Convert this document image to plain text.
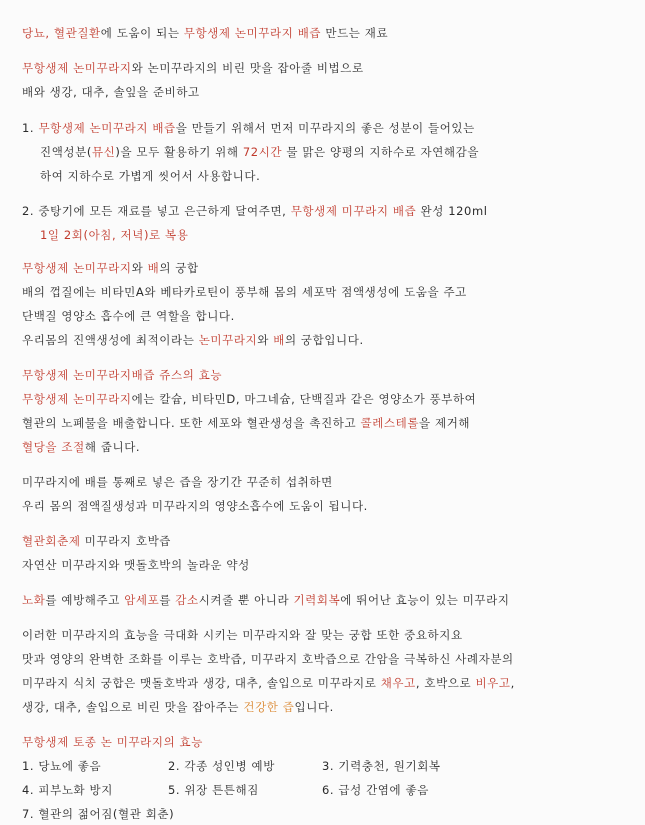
당뇨, 혈관질환에 도움이 되는 무항생제 논미꾸라지 배즙 만드는 재료
무항생제 논미꾸라지와 논미꾸라지의 비린 맛을 잡아줄 비법으로
배와 생강, 대추, 솔잎을 준비하고
1. 무항생제 논미꾸라지 배즙을 만들기 위해서 먼저 미꾸라지의 좋은 성분이 들어있는
진액성분(뮤신)을 모두 활용하기 위해 72시간 물 맑은 양평의 지하수로 자연해감을
하여 지하수로 가볍게 씻어서 사용합니다.
2. 중탕기에 모든 재료를 넣고 은근하게 달여주면, 무항생제 미꾸라지 배즙 완성 120ml
1일 2회(아침, 저녁)로 복용
무항생제 논미꾸라지와 배의 궁합
배의 껍질에는 비타민A와 베타카로틴이 풍부해 몸의 세포막 점액생성에 도움을 주고
단백질 영양소 흡수에 큰 역할을 합니다.
우리몸의 진액생성에 최적이라는 논미꾸라지와 배의 궁합입니다.
무항생제 논미꾸라지배즙 쥬스의 효능
무항생제 논미꾸라지에는 칼슘, 비타민D, 마그네슘, 단백질과 같은 영양소가 풍부하여
혈관의 노폐물을 배출합니다. 또한 세포와 혈관생성을 촉진하고 콜레스테롤을 제거해
혈당을 조절해 줍니다.
미꾸라지에 배를 통째로 넣은 즙을 장기간 꾸준히 섭취하면
우리 몸의 점액질생성과 미꾸라지의 영양소흡수에 도움이 됩니다.
혈관회춘제 미꾸라지 호박즙
자연산 미꾸라지와 맷돌호박의 놀라운 약성
노화를 예방해주고 암세포를 감소시켜줄 뿐 아니라 기력회복에 뛰어난 효능이 있는 미꾸라지
이러한 미꾸라지의 효능을 극대화 시키는 미꾸라지와 잘 맞는 궁합 또한 중요하지요
맛과 영양의 완벽한 조화를 이루는 호박즙, 미꾸라지 호박즙으로 간암을 극복하신 사례자분의
미꾸라지 식치 궁합은 맷돌호박과 생강, 대추, 솔입으로 미꾸라지로 채우고, 호박으로 비우고,
생강, 대추, 솔입으로 비린 맛을 잡아주는 건강한 즙입니다.
무항생제 토종 논 미꾸라지의 효능
1. 당뇨에 좋음	2. 각종 성인병 예방	3. 기력충천, 원기회복
4. 피부노화 방지	5. 위장 튼튼해짐	6. 급성 간염에 좋음
7. 혈관의 젊어짐(혈관 회춘)
